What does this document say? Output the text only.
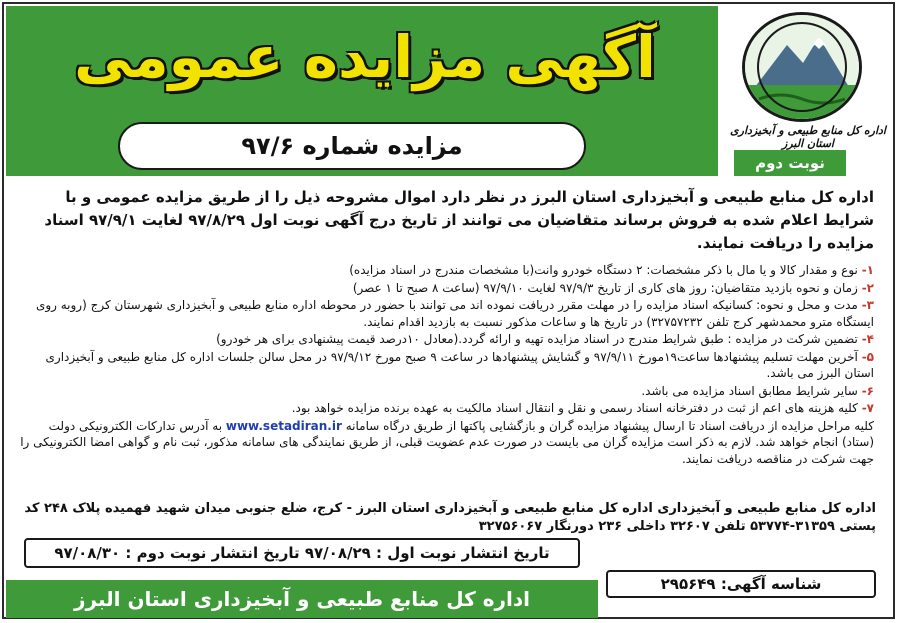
آگهی مزایده عمومی
مزایده شماره ۹۷/۶
اداره کل منابع طبیعی و آبخیزداری استان البرز
نوبت دوم
اداره کل منابع طبیعی و آبخیزداری استان البرز در نظر دارد اموال مشروحه ذیل را از طریق مزایده عمومی و با شرایط اعلام شده به فروش برساند متقاضیان می توانند از تاریخ درج آگهی نوبت اول ۹۷/۸/۲۹ لغایت ۹۷/۹/۱ اسناد مزایده را دریافت نمایند.
۱- نوع و مقدار کالا و یا مال با ذکر مشخصات: ۲ دستگاه خودرو وانت(با مشخصات مندرج در اسناد مزایده)
۲- زمان و نحوه بازدید متقاضیان: روز های کاری از تاریخ ۹۷/۹/۳ لغایت ۹۷/۹/۱۰ (ساعت ۸ صبح تا ۱ عصر)
۳- مدت و محل و نحوه: کسانیکه اسناد مزایده را در مهلت مقرر دریافت نموده اند می توانند با حضور در محوطه اداره منابع طبیعی و آبخیزداری شهرستان کرج (روبه روی ایستگاه مترو محمدشهر کرج تلفن ۳۲۷۵۷۲۳۲) در تاریخ ها و ساعات مذکور نسبت به بازدید اقدام نمایند.
۴- تضمین شرکت در مزایده : طبق شرایط مندرج در اسناد مزایده تهیه و ارائه گردد.(معادل ۱۰درصد قیمت پیشنهادی برای هر خودرو)
۵- آخرین مهلت تسلیم پیشنهادها ساعت۱۹مورخ ۹۷/۹/۱۱ و گشایش پیشنهادها در ساعت ۹ صبح مورخ ۹۷/۹/۱۲ در محل سالن جلسات اداره کل منابع طبیعی و آبخیزداری استان البرز می باشد.
۶- سایر شرایط مطابق اسناد مزایده می باشد.
۷- کلیه هزینه های اعم از ثبت در دفترخانه اسناد رسمی و نقل و انتقال اسناد مالکیت به عهده برنده مزایده خواهد بود.
کلیه مراحل مزایده از دریافت اسناد تا ارسال پیشنهاد مزایده گران و بازگشایی پاکتها از طریق درگاه سامانه www.setadiran.ir به آدرس تدارکات الکترونیکی دولت (ستاد) انجام خواهد شد. لازم به ذکر است مزایده گران می بایست در صورت عدم عضویت قبلی، از طریق نمایندگی های سامانه مذکور، ثبت نام و گواهی امضا الکترونیکی را جهت شرکت در مناقصه دریافت نمایند.
اداره کل منابع طبیعی و آبخیزداری اداره کل منابع طبیعی و آبخیزداری استان البرز - کرج، ضلع جنوبی میدان شهید فهمیده پلاک ۲۴۸ کد پستی ۳۱۳۵۹-۵۳۷۷۴ تلفن ۳۲۶۰۷ داخلی ۲۳۶ دورنگار ۳۲۷۵۶۰۶۷
تاریخ انتشار نوبت اول : ۹۷/۰۸/۲۹ تاریخ انتشار نوبت دوم : ۹۷/۰۸/۳۰
شناسه آگهی: ۲۹۵۶۴۹
اداره کل منابع طبیعی و آبخیزداری استان البرز
